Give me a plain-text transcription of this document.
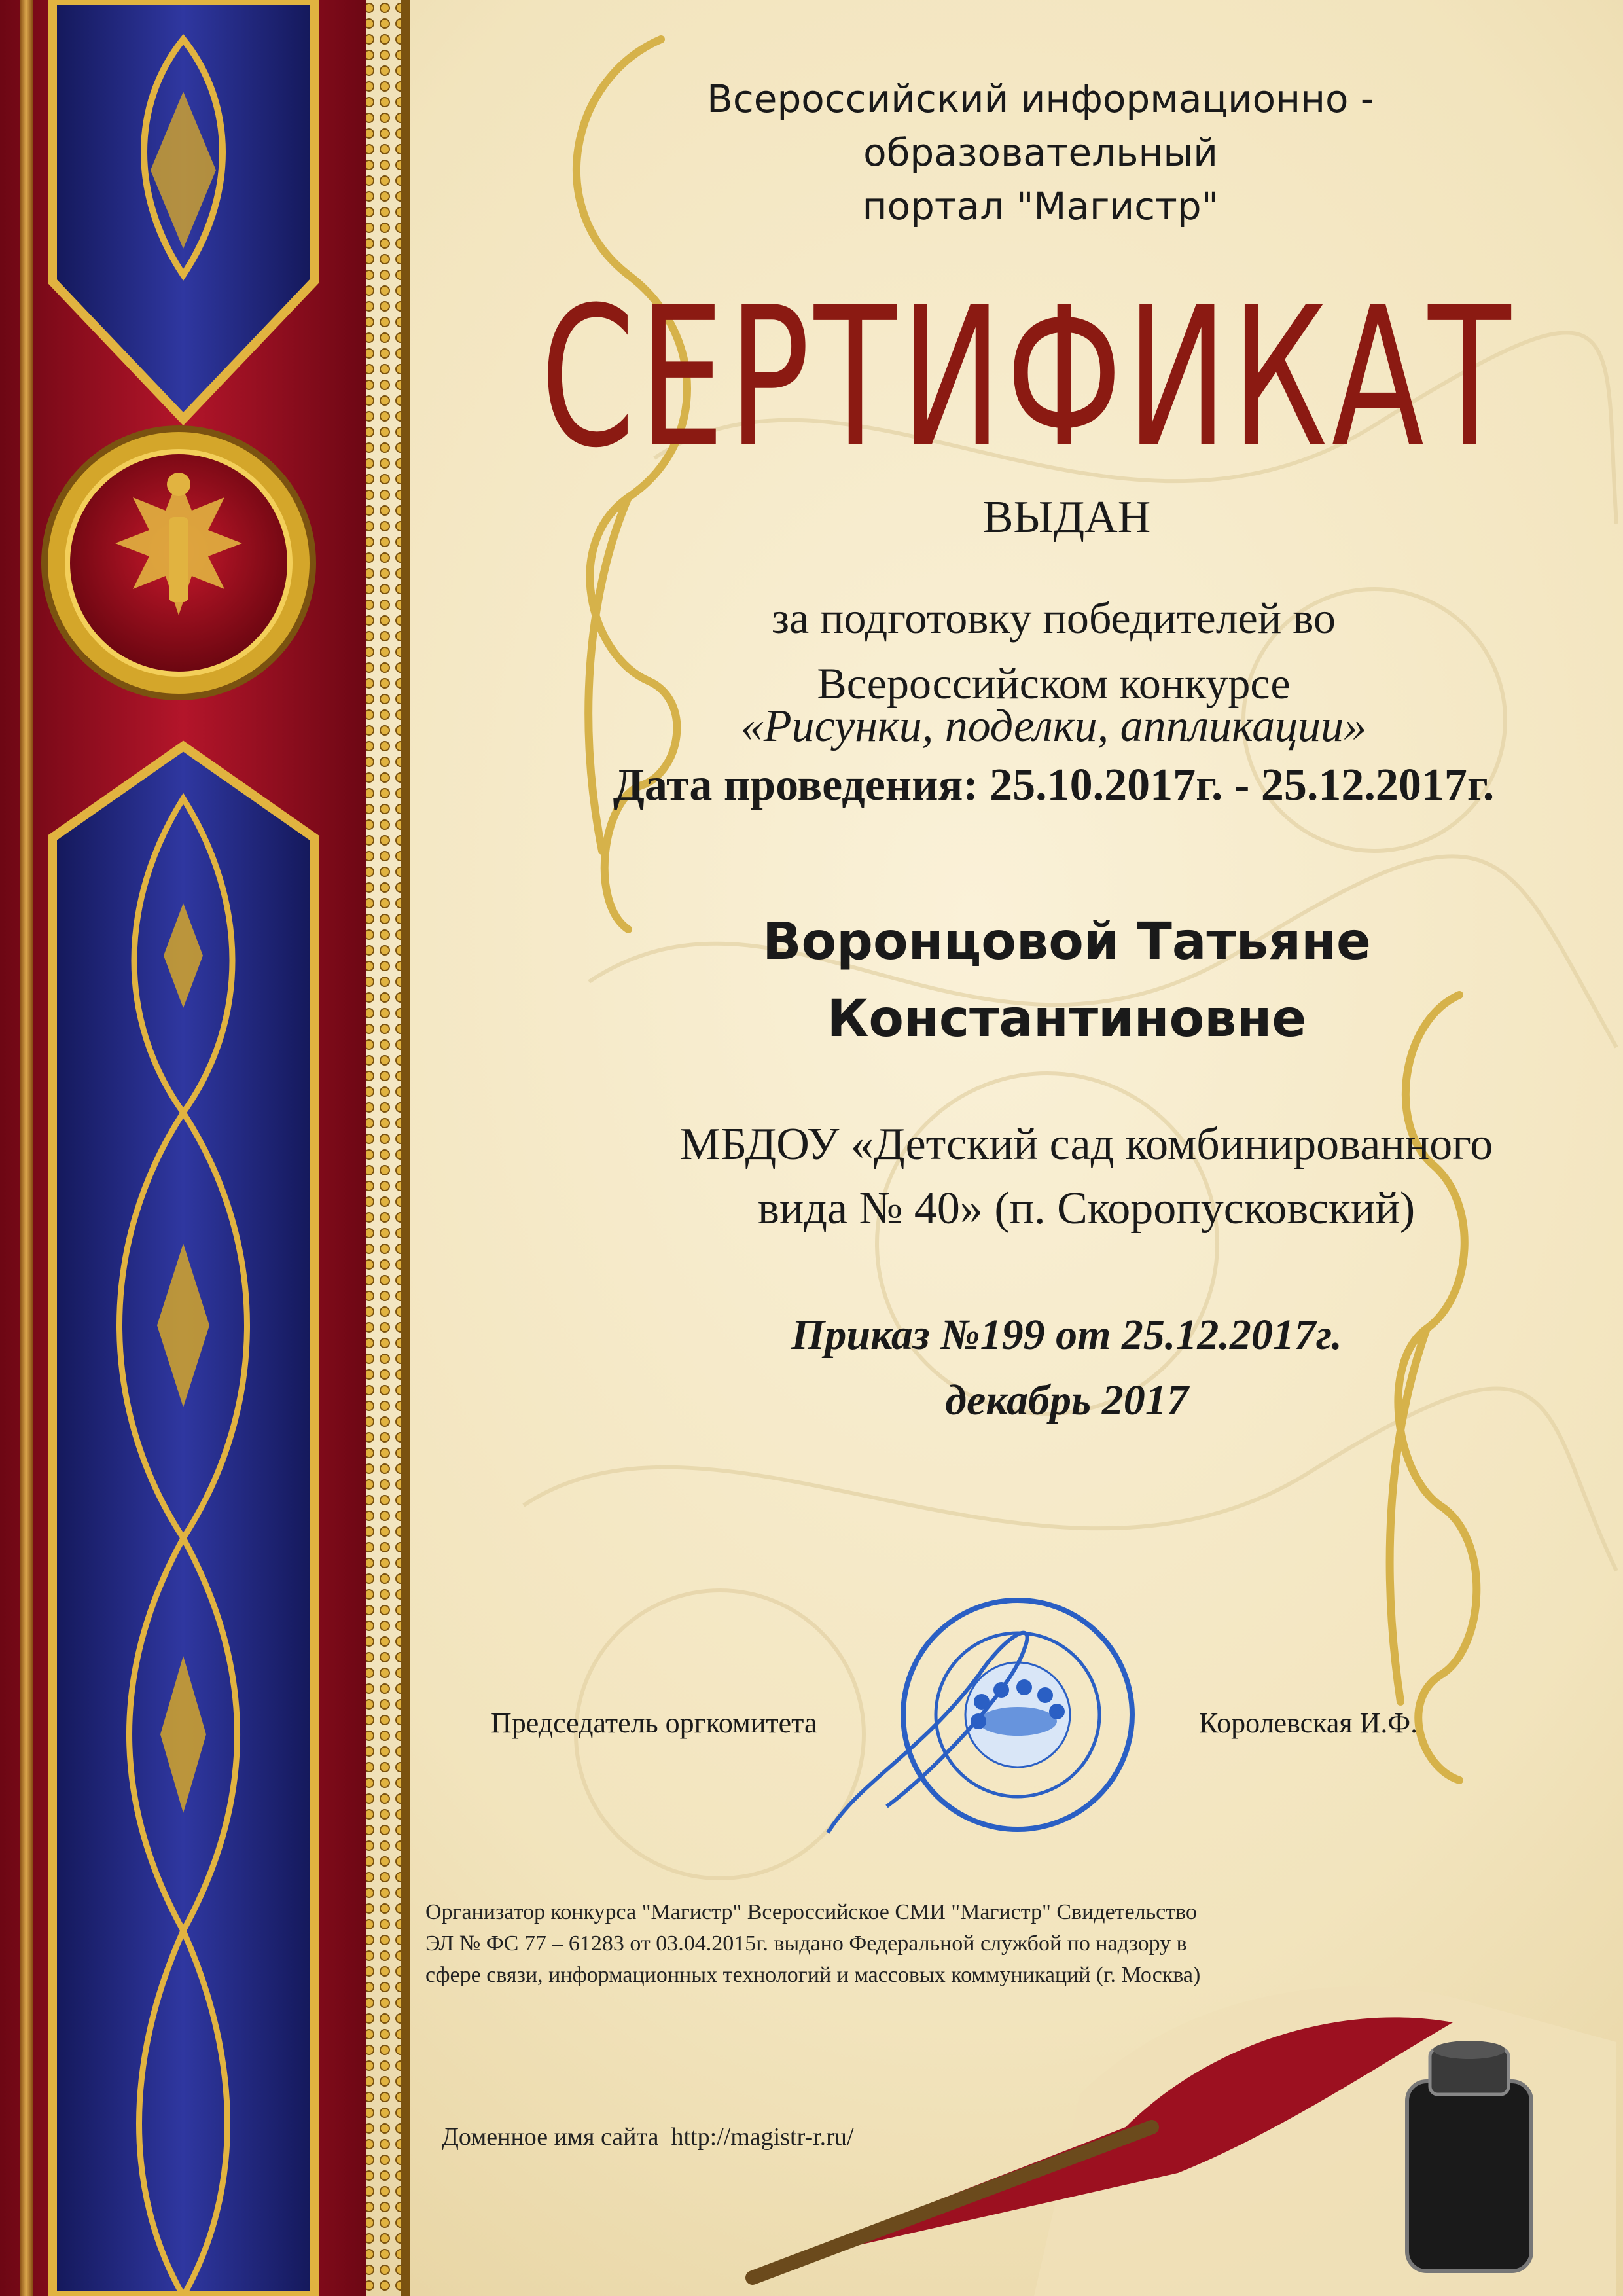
Всероссийский информационно - образовательный
портал "Магистр"
СЕРТИФИКАТ
ВЫДАН
за подготовку победителей во
Всероссийском конкурсе
«Рисунки, поделки, аппликации»
Дата проведения: 25.10.2017г. - 25.12.2017г.
Воронцовой Татьяне
Константиновне
МБДОУ «Детский сад комбинированного
вида № 40» (п. Скоропусковский)
Приказ №199 от 25.12.2017г.
декабрь 2017
Председатель оргкомитета	Королевская И.Ф.
Организатор конкурса "Магистр" Всероссийское СМИ "Магистр" Свидетельство
ЭЛ № ФС 77 – 61283 от 03.04.2015г. выдано Федеральной службой по надзору в
сфере связи, информационных технологий и массовых коммуникаций (г. Москва)
Доменное имя сайта http://magistr-r.ru/
